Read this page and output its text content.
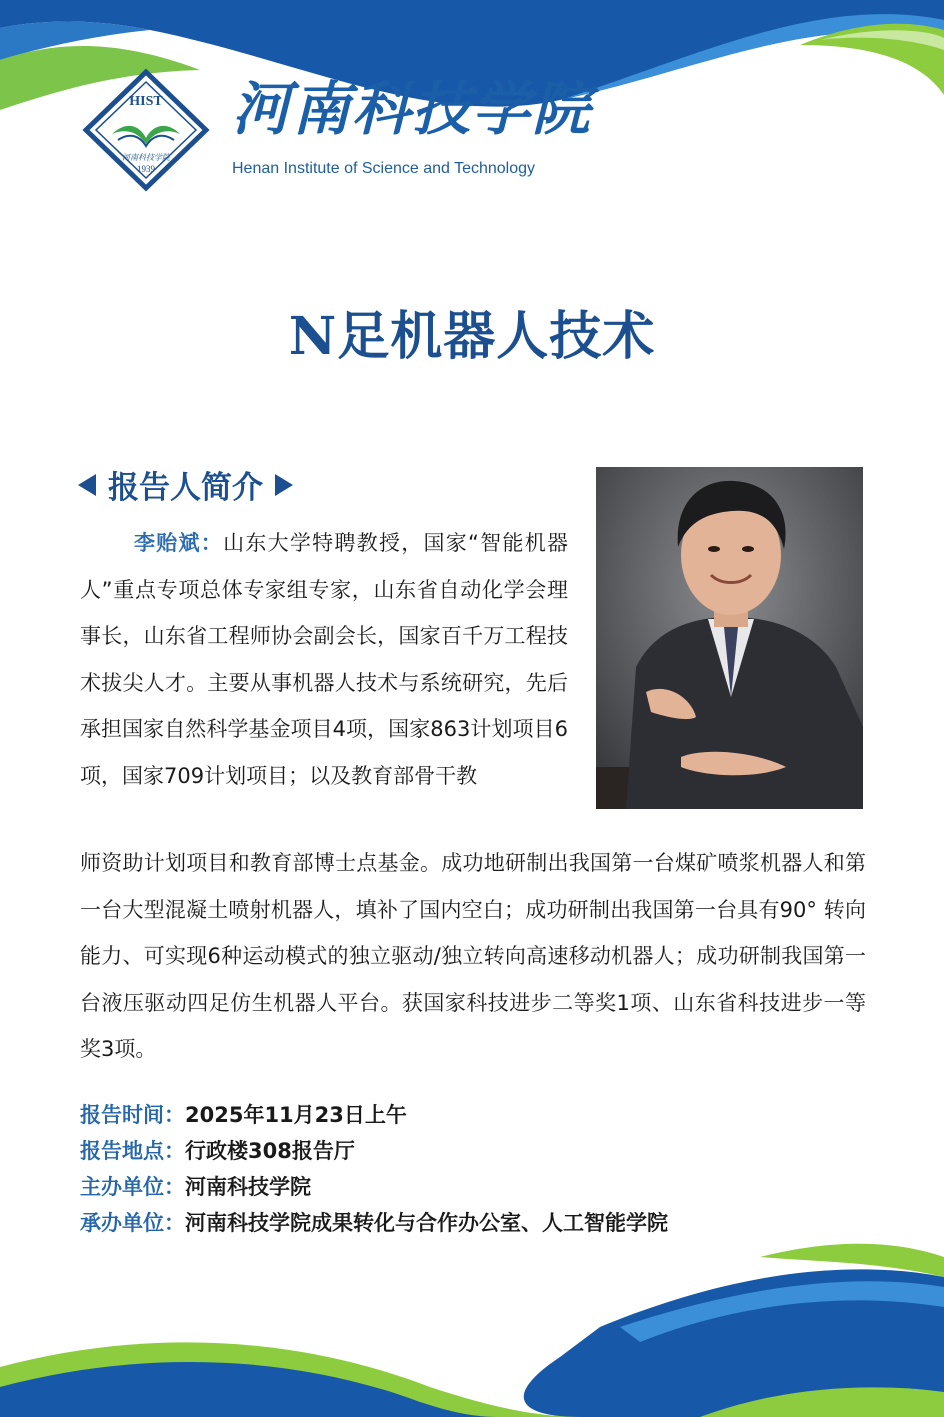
HIST
河南科技学院
1939
河南科技学院
Henan Institute of Science and Technology
N足机器人技术
报告人简介
李贻斌：山东大学特聘教授，国家“智能机器人”重点专项总体专家组专家，山东省自动化学会理事长，山东省工程师协会副会长，国家百千万工程技术拔尖人才。主要从事机器人技术与系统研究，先后承担国家自然科学基金项目4项，国家863计划项目6项，国家709计划项目；以及教育部骨干教
师资助计划项目和教育部博士点基金。成功地研制出我国第一台煤矿喷浆机器人和第一台大型混凝土喷射机器人，填补了国内空白；成功研制出我国第一台具有90° 转向能力、可实现6种运动模式的独立驱动/独立转向高速移动机器人；成功研制我国第一台液压驱动四足仿生机器人平台。获国家科技进步二等奖1项、山东省科技进步一等奖3项。
报告时间： 2025年11月23日上午
报告地点： 行政楼308报告厅
主办单位： 河南科技学院
承办单位： 河南科技学院成果转化与合作办公室、人工智能学院
